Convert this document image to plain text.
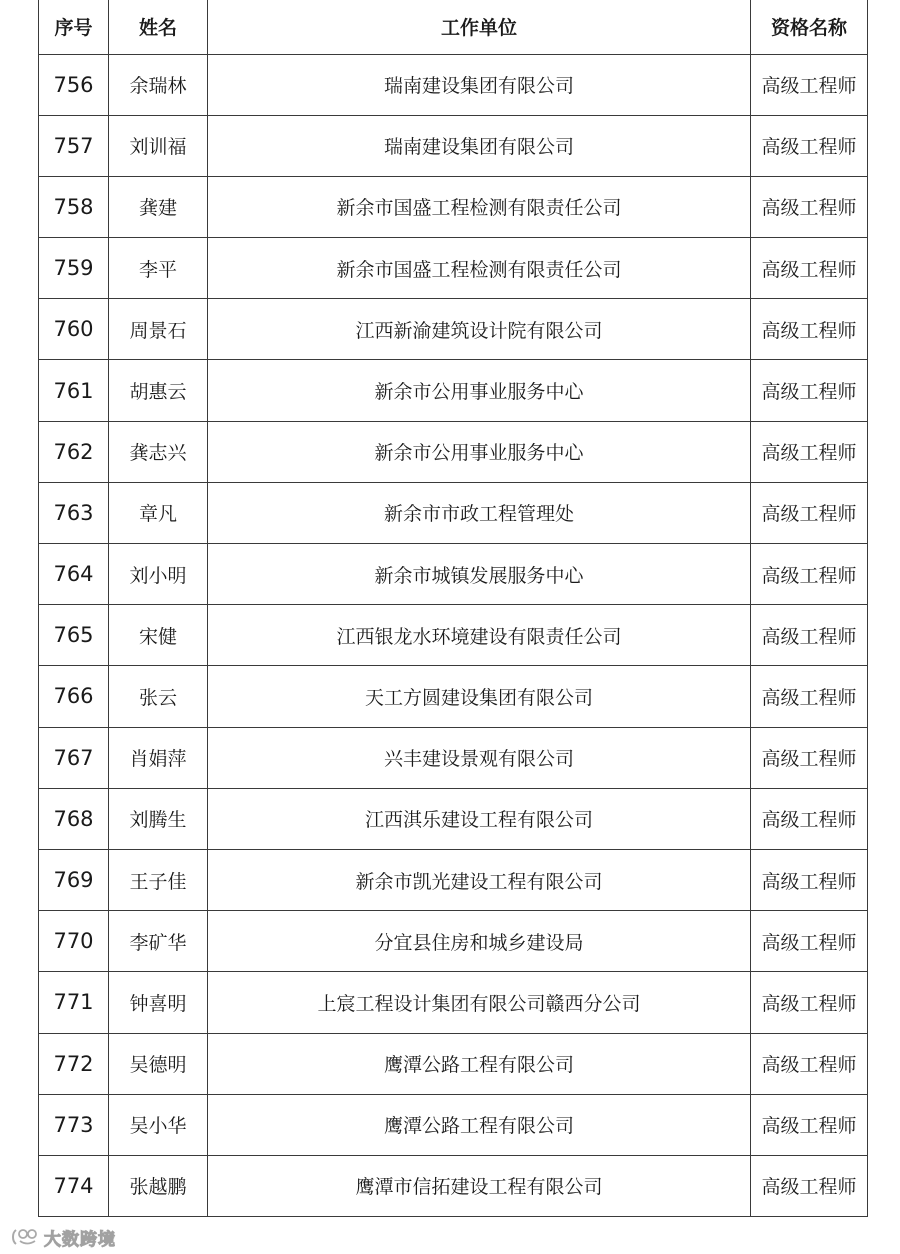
序号	姓名	工作单位	资格名称
756	余瑞林	瑞南建设集团有限公司	高级工程师
757	刘训福	瑞南建设集团有限公司	高级工程师
758	龚建	新余市国盛工程检测有限责任公司	高级工程师
759	李平	新余市国盛工程检测有限责任公司	高级工程师
760	周景石	江西新渝建筑设计院有限公司	高级工程师
761	胡惠云	新余市公用事业服务中心	高级工程师
762	龚志兴	新余市公用事业服务中心	高级工程师
763	章凡	新余市市政工程管理处	高级工程师
764	刘小明	新余市城镇发展服务中心	高级工程师
765	宋健	江西银龙水环境建设有限责任公司	高级工程师
766	张云	天工方圆建设集团有限公司	高级工程师
767	肖娟萍	兴丰建设景观有限公司	高级工程师
768	刘腾生	江西淇乐建设工程有限公司	高级工程师
769	王子佳	新余市凯光建设工程有限公司	高级工程师
770	李矿华	分宜县住房和城乡建设局	高级工程师
771	钟喜明	上宸工程设计集团有限公司赣西分公司	高级工程师
772	吴德明	鹰潭公路工程有限公司	高级工程师
773	吴小华	鹰潭公路工程有限公司	高级工程师
774	张越鹏	鹰潭市信拓建设工程有限公司	高级工程师
大数跨境
